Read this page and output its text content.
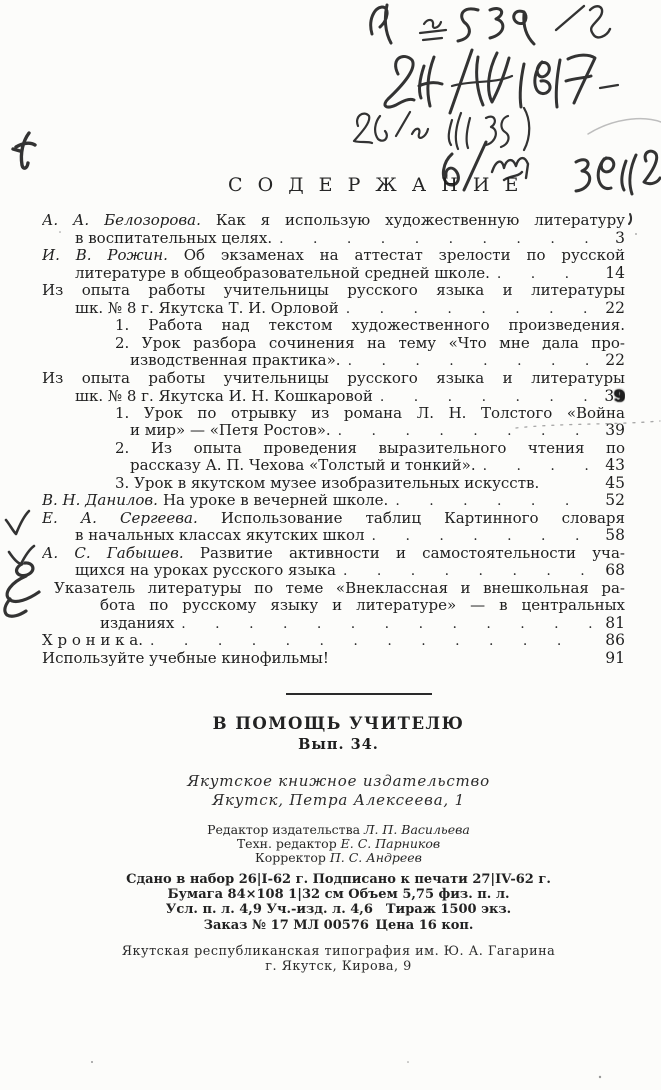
С О Д Е Р Ж А Н И Е
А. А. Белозорова. Как я использую художественную литературу
в воспитательных целях. . . .	3
И. В. Рожин. Об экзаменах на аттестат зрелости по русской
литературе в общеобразовательной средней школе. . . .	14
Из опыта работы учительницы русского языка и литературы
шк. № 8 г. Якутска Т. И. Орловой . . .	22
1. Работа над текстом художественного произведения.
2. Урок разбора сочинения на тему «Что мне дала про-
изводственная практика». . . .	22
Из опыта работы учительницы русского языка и литературы
шк. № 8 г. Якутска И. Н. Кошкаровой . . .	39
1. Урок по отрывку из романа Л. Н. Толстого «Война
и мир» — «Петя Ростов». . . .	39
2. Из опыта проведения выразительного чтения по
рассказу А. П. Чехова «Толстый и тонкий». . . .	43
3. Урок в якутском музее изобразительных искусств.	45
В. Н. Данилов. На уроке в вечерней школе. . . .	52
Е. А. Сергеева. Использование таблиц Картинного словаря
в начальных классах якутских школ . . .	58
А. С. Габышев. Развитие активности и самостоятельности уча-
щихся на уроках русского языка . . .	68
Указатель литературы по теме «Внеклассная и внешкольная ра-
бота по русскому языку и литературе» — в центральных
изданиях . . .	81
Х р о н и к а. . . .	86
Используйте учебные кинофильмы!	91
В ПОМОЩЬ УЧИТЕЛЮ
Вып. 34.
Якутское книжное издательство
Якутск, Петра Алексеева, 1
Редактор издательства Л. П. Васильева
Техн. редактор Е. С. Парников
Корректор П. С. Андреев
Сдано в набор 26|I-62 г. Подписано к печати 27|IV-62 г.
Бумага 84×108 1|32 см Объем 5,75 физ. п. л.
Усл. п. л. 4,9 Уч.-изд. л. 4,6 Тираж 1500 экз.
Заказ № 17 МЛ 00576 Цена 16 коп.
Якутская республиканская типография им. Ю. А. Гагарина
г. Якутск, Кирова, 9
